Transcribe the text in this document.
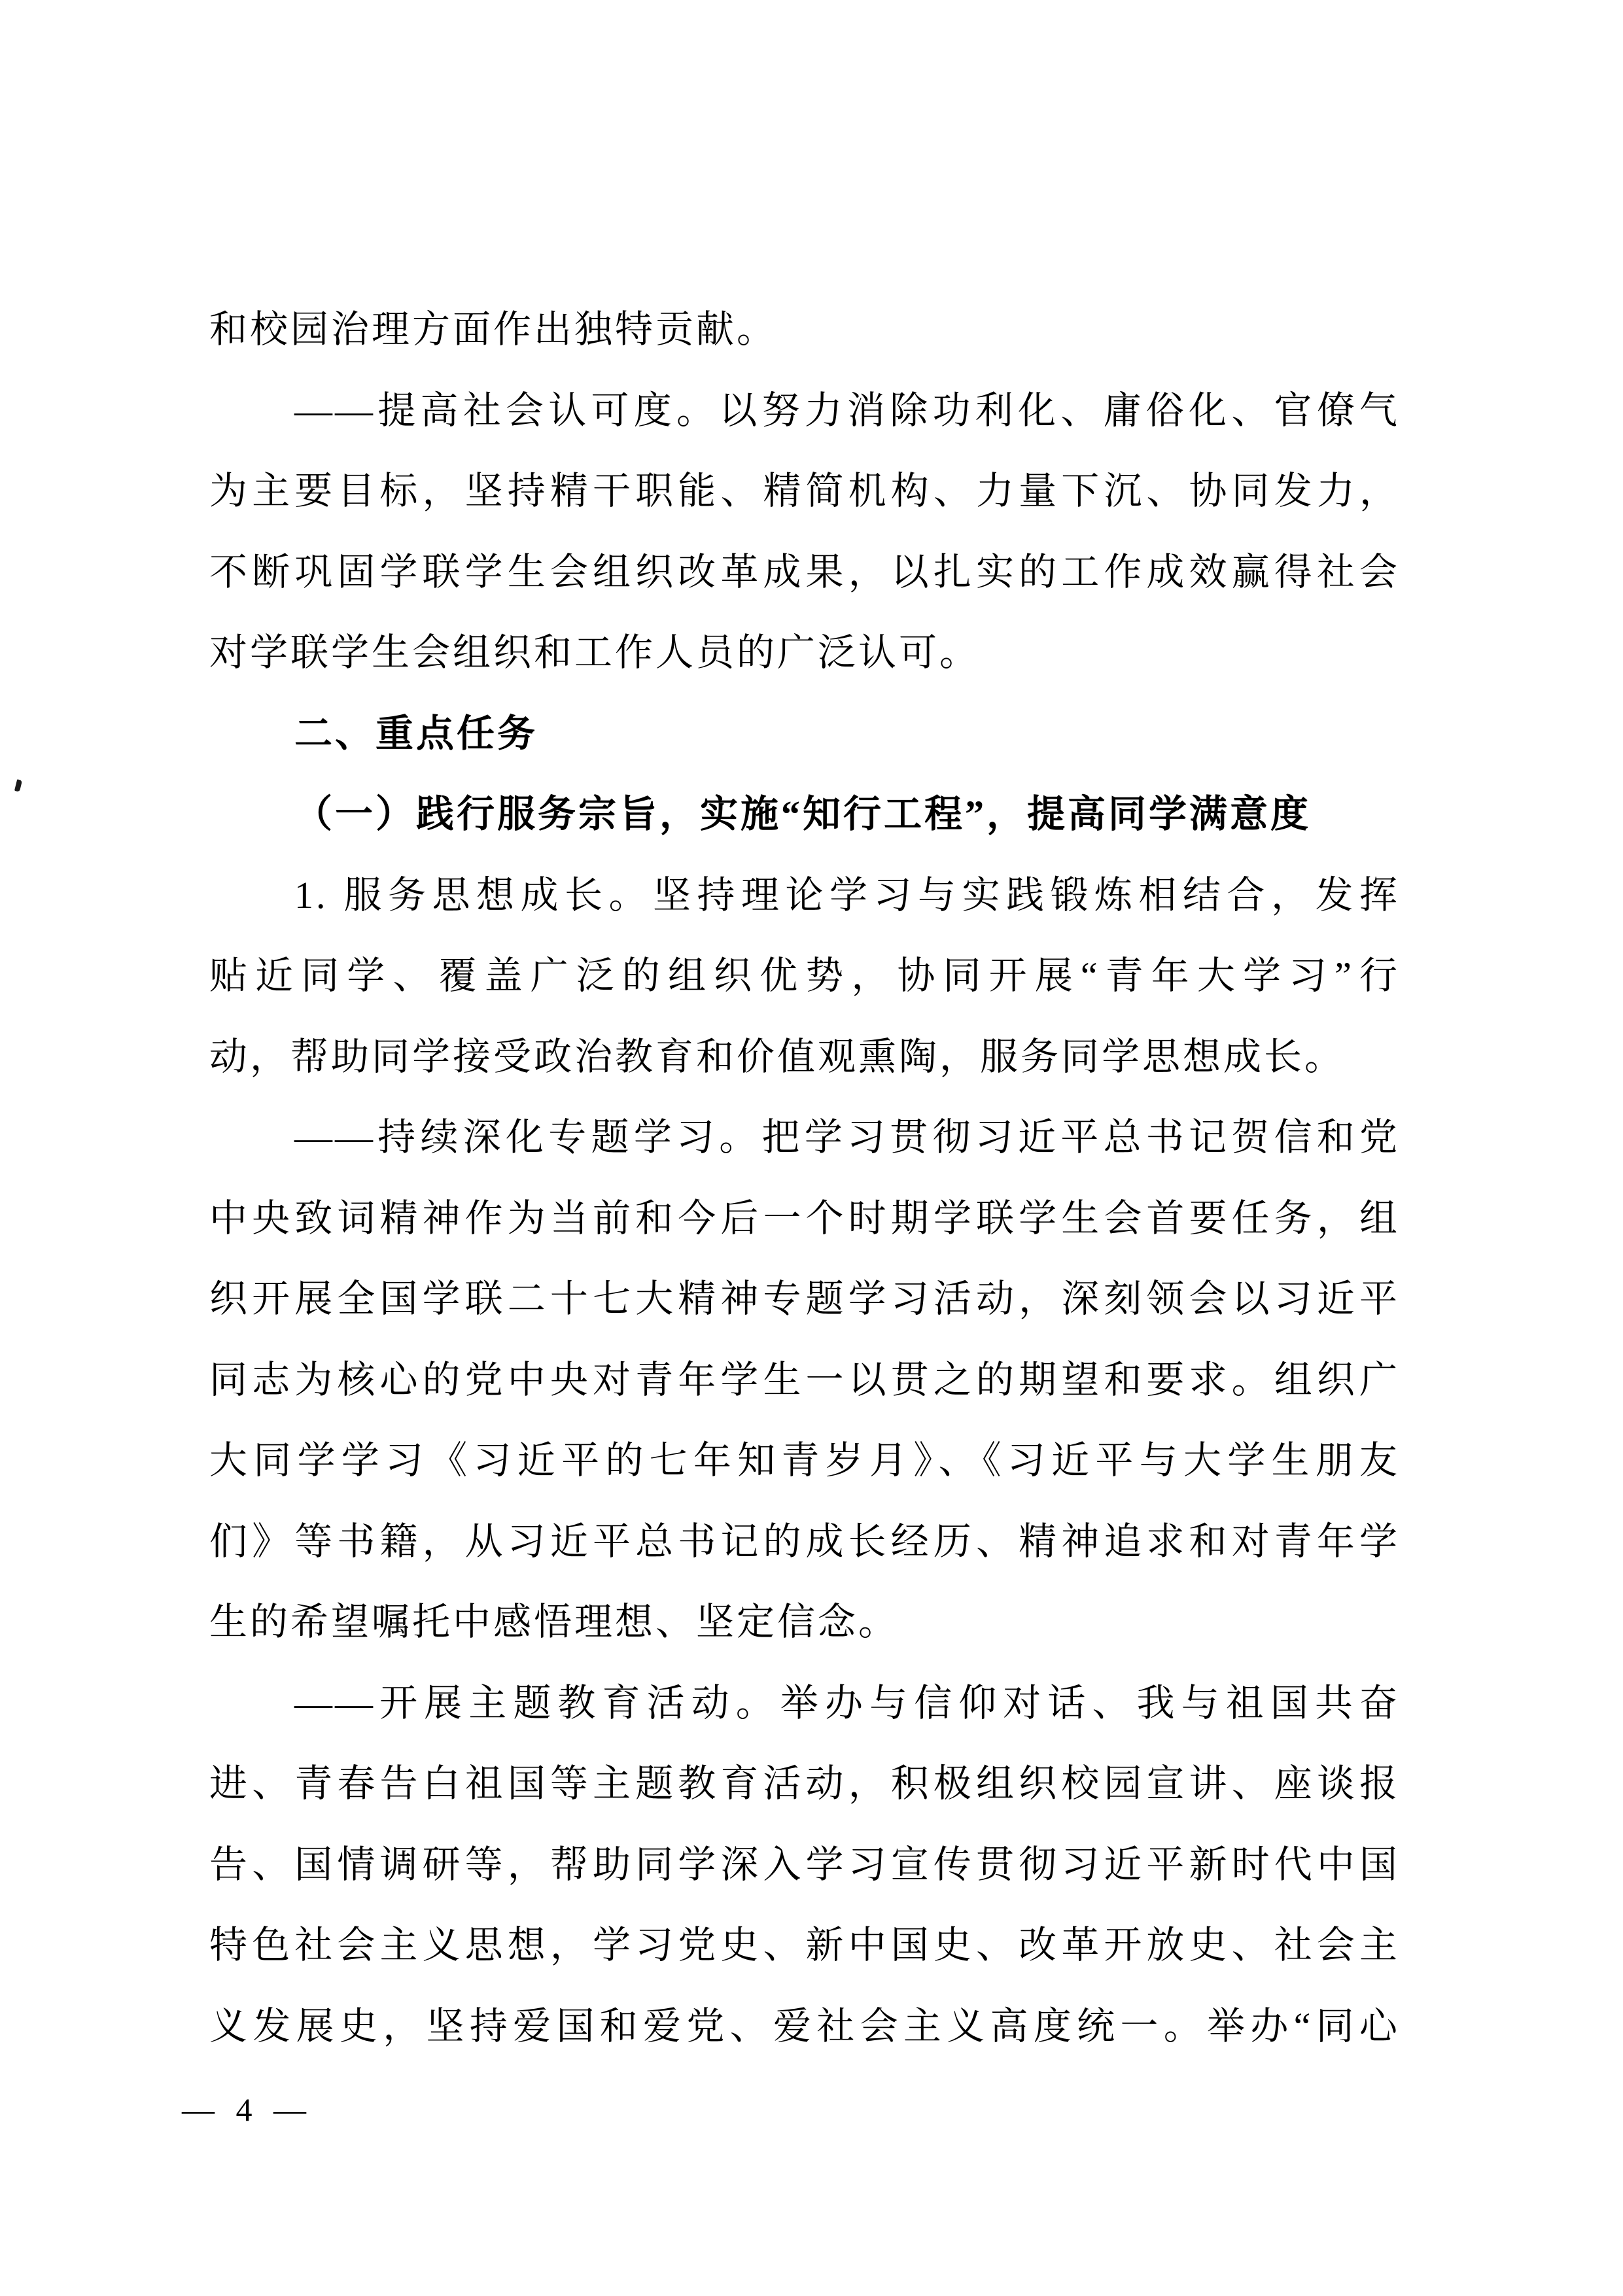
和校园治理方面作出独特贡献。
——提高社会认可度。以努力消除功利化、庸俗化、官僚气
为主要目标，坚持精干职能、精简机构、力量下沉、协同发力，
不断巩固学联学生会组织改革成果，以扎实的工作成效赢得社会
对学联学生会组织和工作人员的广泛认可。
二、重点任务
（一）践行服务宗旨，实施“知行工程”，提高同学满意度
1. 服务思想成长。坚持理论学习与实践锻炼相结合，发挥
贴近同学、覆盖广泛的组织优势，协同开展“青年大学习”行
动，帮助同学接受政治教育和价值观熏陶，服务同学思想成长。
——持续深化专题学习。把学习贯彻习近平总书记贺信和党
中央致词精神作为当前和今后一个时期学联学生会首要任务，组
织开展全国学联二十七大精神专题学习活动，深刻领会以习近平
同志为核心的党中央对青年学生一以贯之的期望和要求。组织广
大同学学习《习近平的七年知青岁月》、《习近平与大学生朋友
们》等书籍，从习近平总书记的成长经历、精神追求和对青年学
生的希望嘱托中感悟理想、坚定信念。
——开展主题教育活动。举办与信仰对话、我与祖国共奋
进、青春告白祖国等主题教育活动，积极组织校园宣讲、座谈报
告、国情调研等，帮助同学深入学习宣传贯彻习近平新时代中国
特色社会主义思想，学习党史、新中国史、改革开放史、社会主
义发展史，坚持爱国和爱党、爱社会主义高度统一。举办“同心
— 4 —
